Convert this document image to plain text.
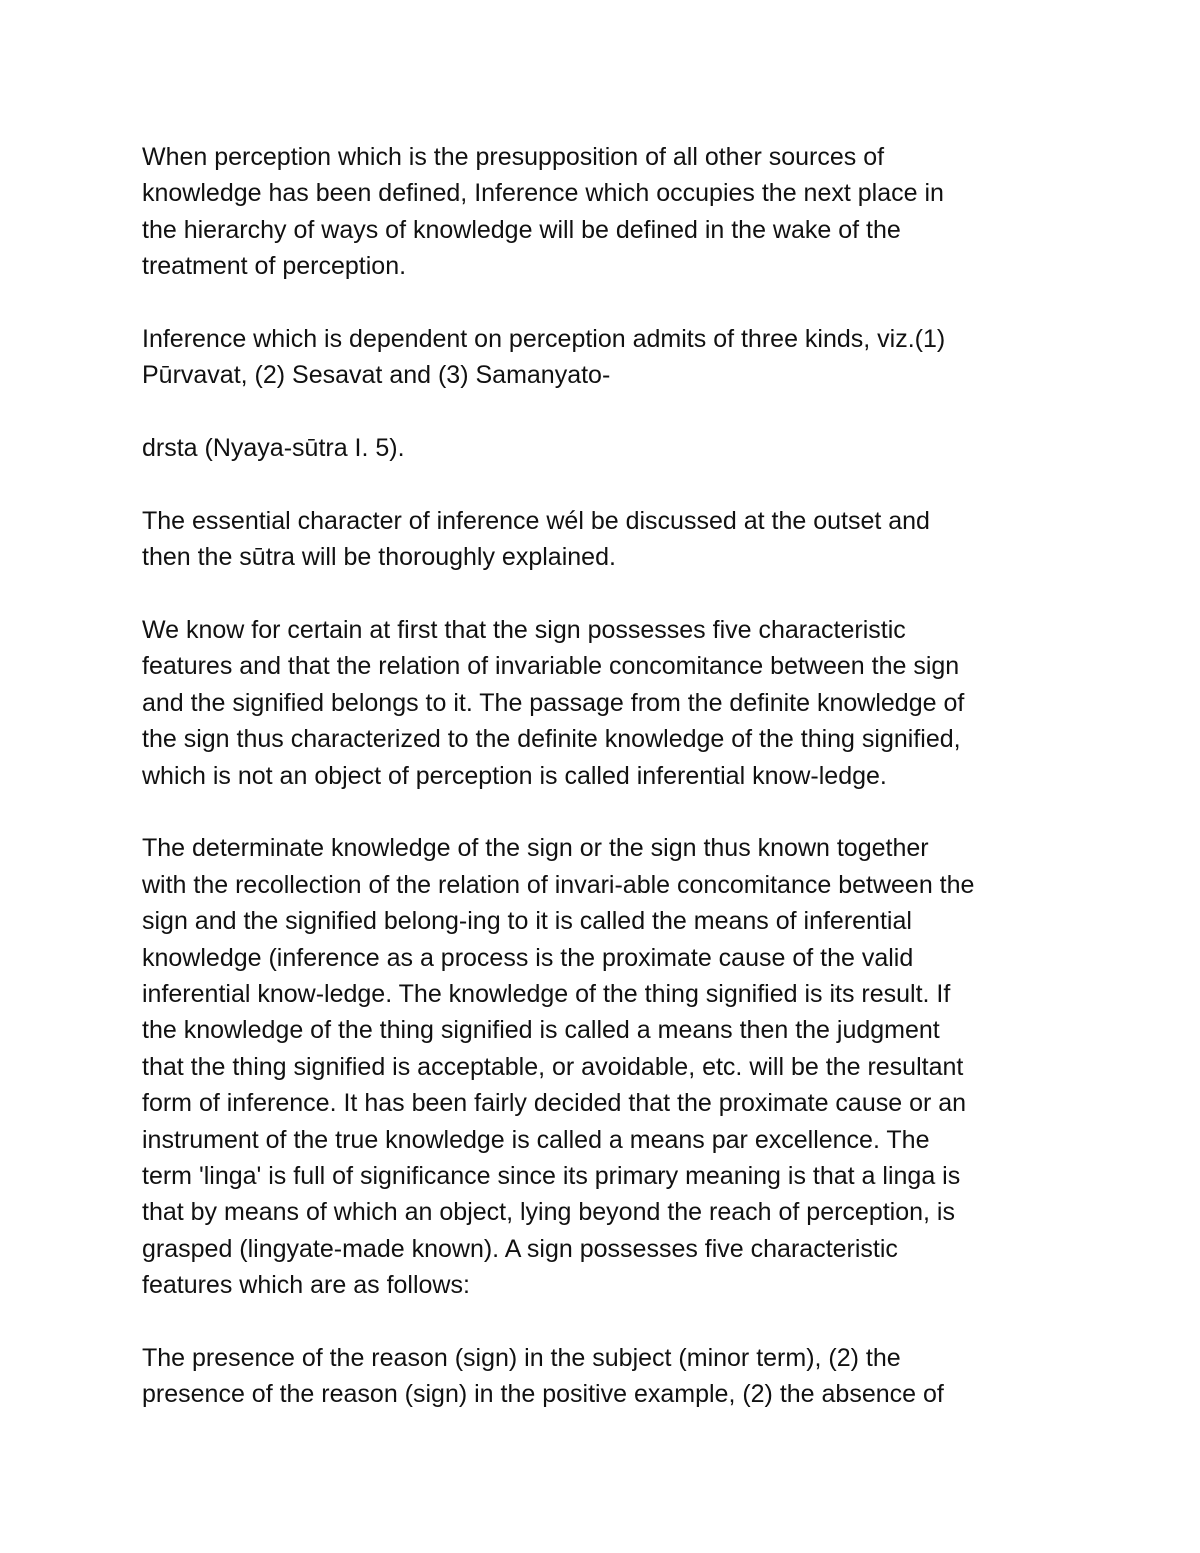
When perception which is the presupposition of all other sources of
knowledge has been defined, Inference which occupies the next place in
the hierarchy of ways of knowledge will be defined in the wake of the
treatment of perception.
Inference which is dependent on perception admits of three kinds, viz.(1)
Pūrvavat, (2) Sesavat and (3) Samanyato-
drsta (Nyaya-sūtra I. 5).
The essential character of inference wél be discussed at the outset and
then the sūtra will be thoroughly explained.
We know for certain at first that the sign possesses five characteristic
features and that the relation of invariable concomitance between the sign
and the signified belongs to it. The passage from the definite knowledge of
the sign thus characterized to the definite knowledge of the thing signified,
which is not an object of perception is called inferential know-ledge.
The determinate knowledge of the sign or the sign thus known together
with the recollection of the relation of invari-able concomitance between the
sign and the signified belong-ing to it is called the means of inferential
knowledge (inference as a process is the proximate cause of the valid
inferential know-ledge. The knowledge of the thing signified is its result. If
the knowledge of the thing signified is called a means then the judgment
that the thing signified is acceptable, or avoidable, etc. will be the resultant
form of inference. It has been fairly decided that the proximate cause or an
instrument of the true knowledge is called a means par excellence. The
term 'linga' is full of significance since its primary meaning is that a linga is
that by means of which an object, lying beyond the reach of perception, is
grasped (lingyate-made known). A sign possesses five characteristic
features which are as follows:
The presence of the reason (sign) in the subject (minor term), (2) the
presence of the reason (sign) in the positive example, (2) the absence of
